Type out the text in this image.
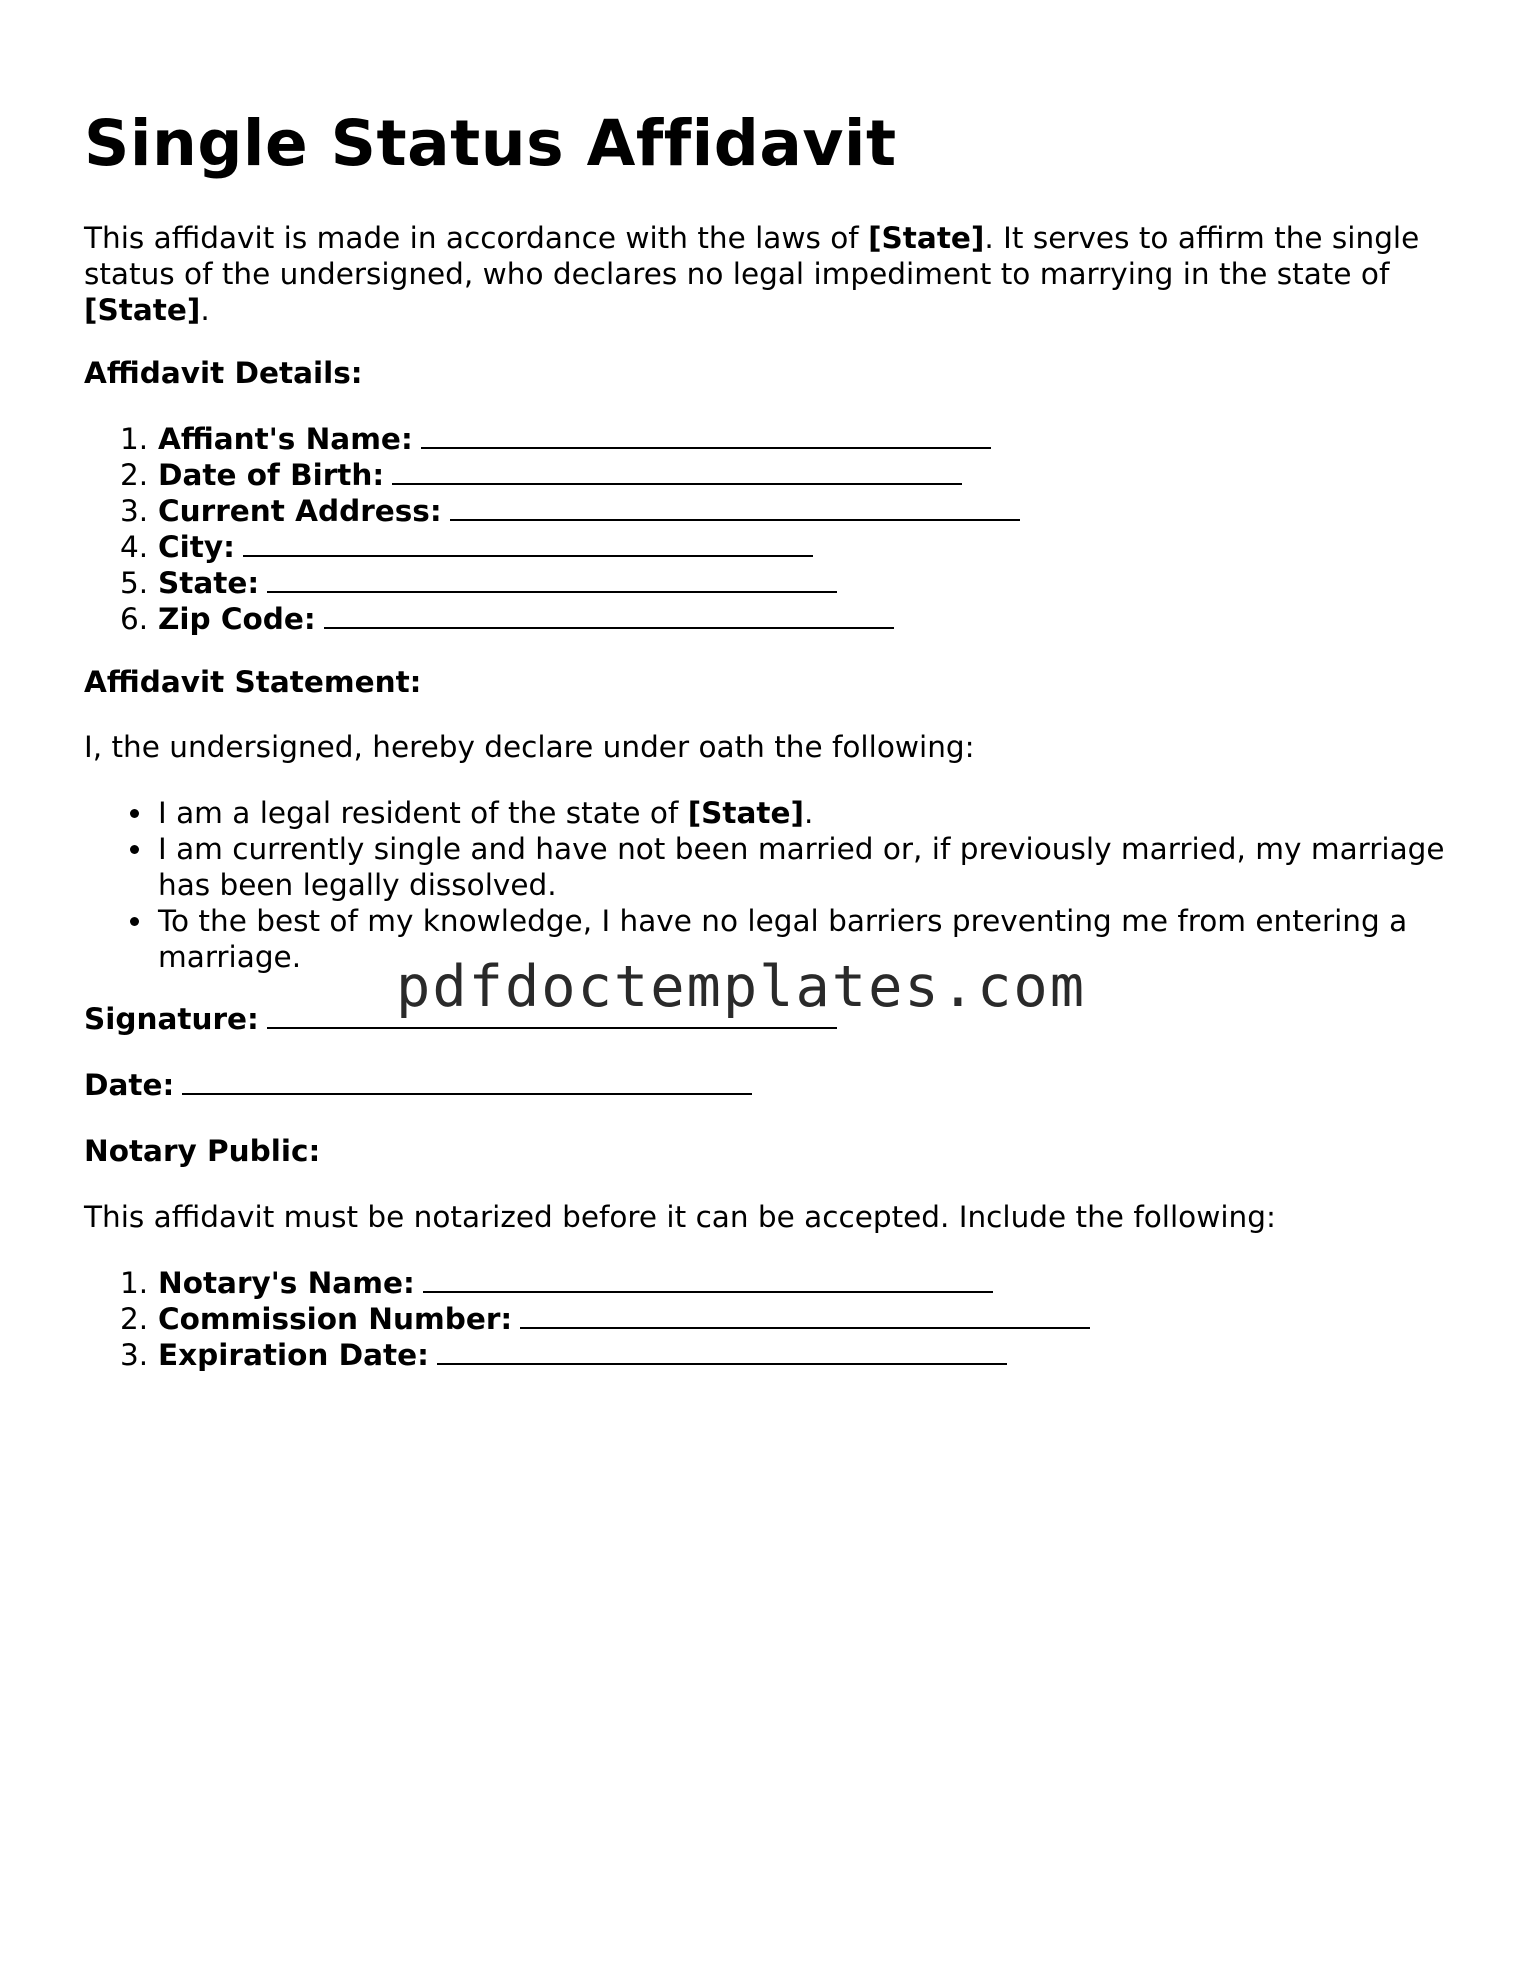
Single Status Affidavit

This affidavit is made in accordance with the laws of [State]. It serves to affirm the single status of the undersigned, who declares no legal impediment to marrying in the state of [State].

Affidavit Details:

1. Affiant's Name:
2. Date of Birth:
3. Current Address:
4. City:
5. State:
6. Zip Code:

Affidavit Statement:

I, the undersigned, hereby declare under oath the following:

I am a legal resident of the state of [State].
I am currently single and have not been married or, if previously married, my marriage has been legally dissolved.
To the best of my knowledge, I have no legal barriers preventing me from entering a marriage.

Signature:

Date:

Notary Public:

This affidavit must be notarized before it can be accepted. Include the following:

1. Notary's Name:
2. Commission Number:
3. Expiration Date:
pdfdoctemplates.com
